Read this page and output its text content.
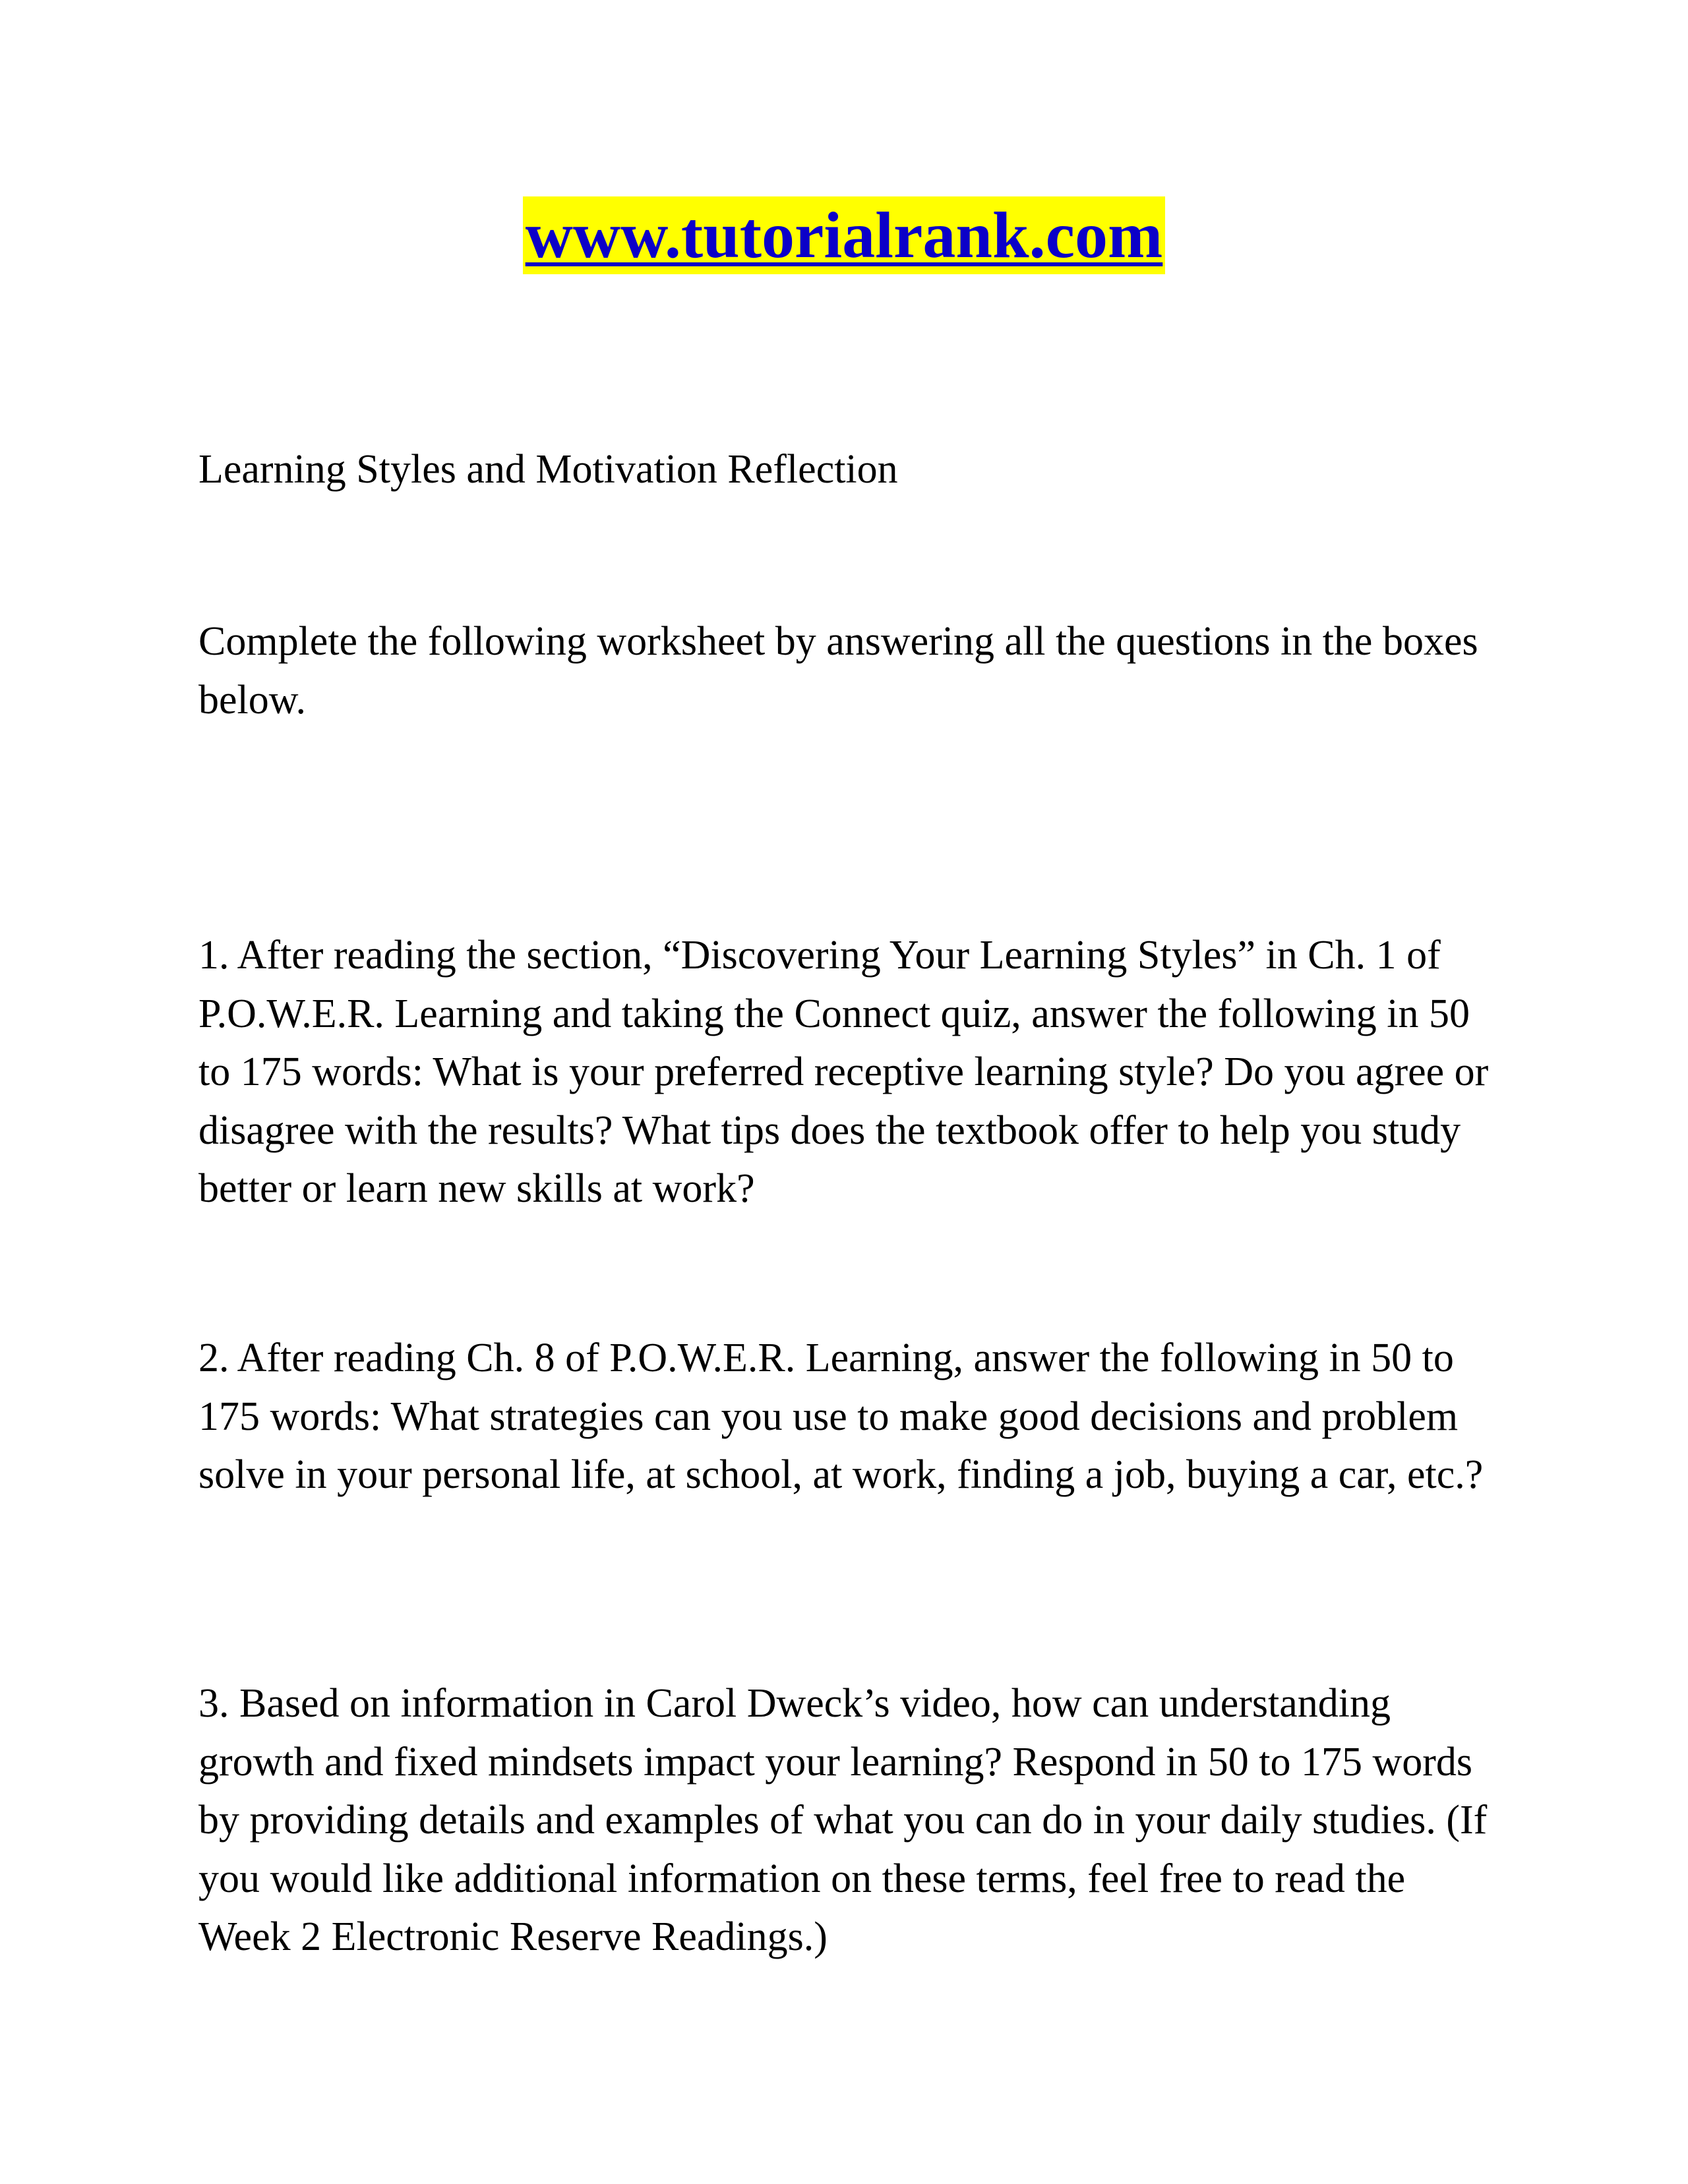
www.tutorialrank.com

Learning Styles and Motivation Reflection

Complete the following worksheet by answering all the questions in the boxes below.

1. After reading the section, “Discovering Your Learning Styles” in Ch. 1 of P.O.W.E.R. Learning and taking the Connect quiz, answer the following in 50 to 175 words: What is your preferred receptive learning style? Do you agree or disagree with the results? What tips does the textbook offer to help you study better or learn new skills at work?

2. After reading Ch. 8 of P.O.W.E.R. Learning, answer the following in 50 to 175 words: What strategies can you use to make good decisions and problem solve in your personal life, at school, at work, finding a job, buying a car, etc.?

3. Based on information in Carol Dweck’s video, how can understanding growth and fixed mindsets impact your learning? Respond in 50 to 175 words by providing details and examples of what you can do in your daily studies. (If you would like additional information on these terms, feel free to read the Week 2 Electronic Reserve Readings.)
